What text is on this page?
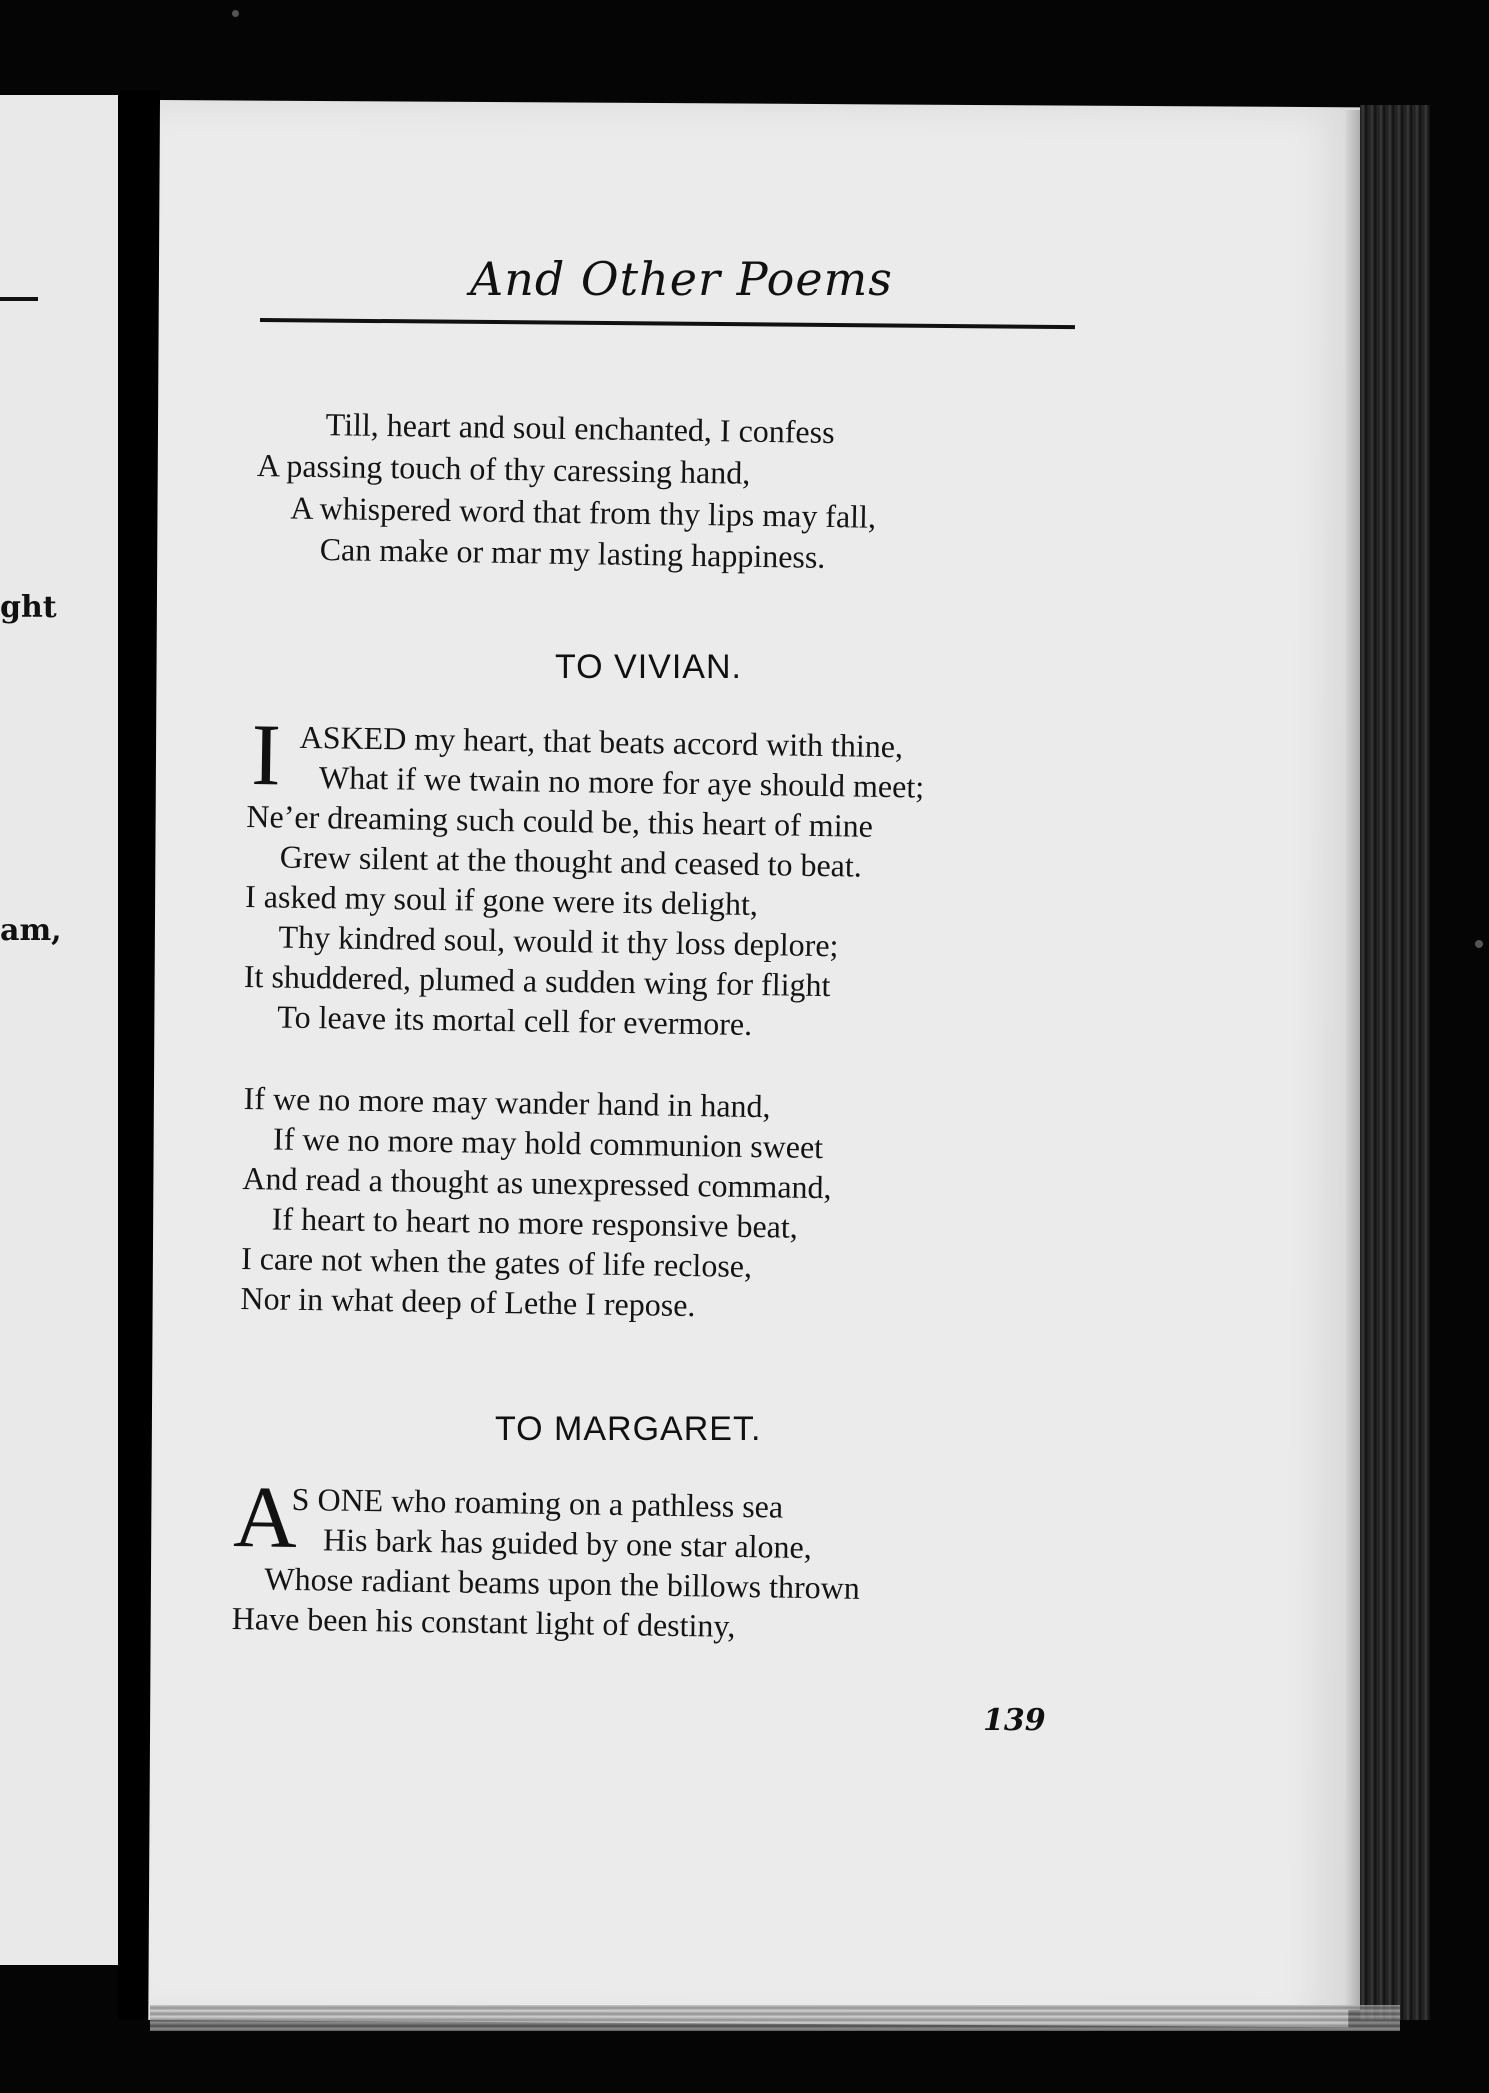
ght
am,
And Other Poems
Till, heart and soul enchanted, I confess
A passing touch of thy caressing hand,
A whispered word that from thy lips may fall,
Can make or mar my lasting happiness.
TO VIVIAN.
I ASKED my heart, that beats accord with thine,
What if we twain no more for aye should meet;
Ne’er dreaming such could be, this heart of mine
Grew silent at the thought and ceased to beat.
I asked my soul if gone were its delight,
Thy kindred soul, would it thy loss deplore;
It shuddered, plumed a sudden wing for flight
To leave its mortal cell for evermore.
If we no more may wander hand in hand,
If we no more may hold communion sweet
And read a thought as unexpressed command,
If heart to heart no more responsive beat,
I care not when the gates of life reclose,
Nor in what deep of Lethe I repose.
TO MARGARET.
A
S ONE who roaming on a pathless sea
His bark has guided by one star alone,
Whose radiant beams upon the billows thrown
Have been his constant light of destiny,
139
